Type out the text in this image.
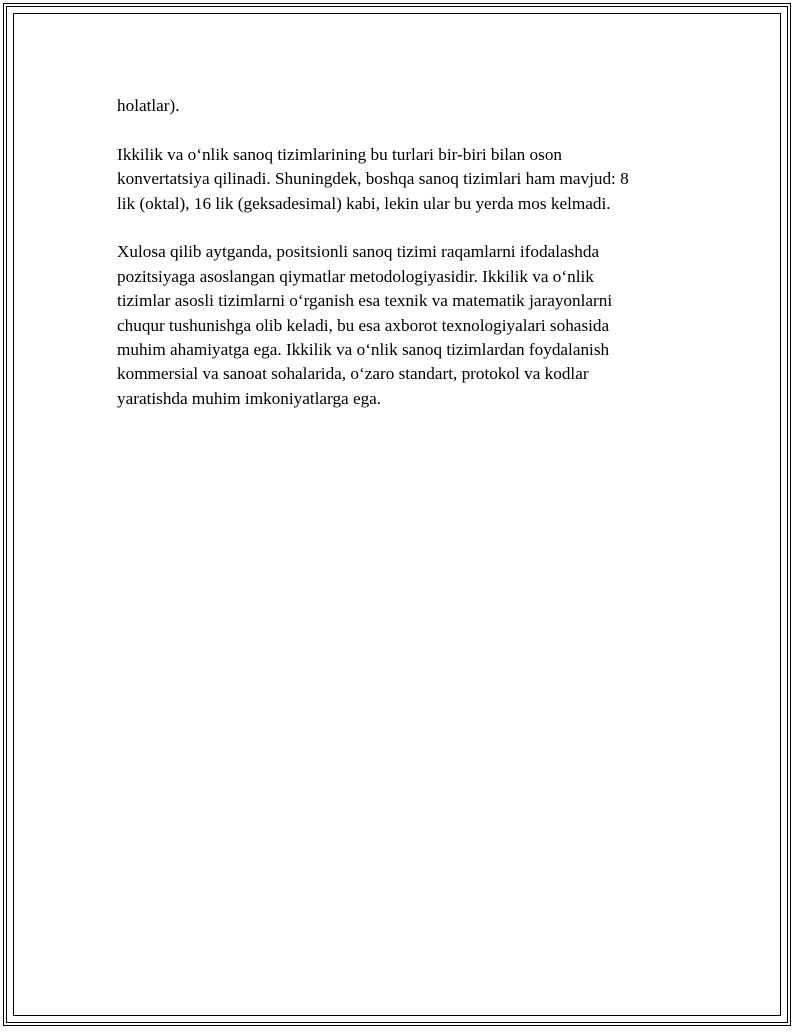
holatlar).

Ikkilik va o‘nlik sanoq tizimlarining bu turlari bir-biri bilan oson
konvertatsiya qilinadi. Shuningdek, boshqa sanoq tizimlari ham mavjud: 8
lik (oktal), 16 lik (geksadesimal) kabi, lekin ular bu yerda mos kelmadi.

Xulosa qilib aytganda, positsionli sanoq tizimi raqamlarni ifodalashda
pozitsiyaga asoslangan qiymatlar metodologiyasidir. Ikkilik va o‘nlik
tizimlar asosli tizimlarni o‘rganish esa texnik va matematik jarayonlarni
chuqur tushunishga olib keladi, bu esa axborot texnologiyalari sohasida
muhim ahamiyatga ega. Ikkilik va o‘nlik sanoq tizimlardan foydalanish
kommersial va sanoat sohalarida, o‘zaro standart, protokol va kodlar
yaratishda muhim imkoniyatlarga ega.
